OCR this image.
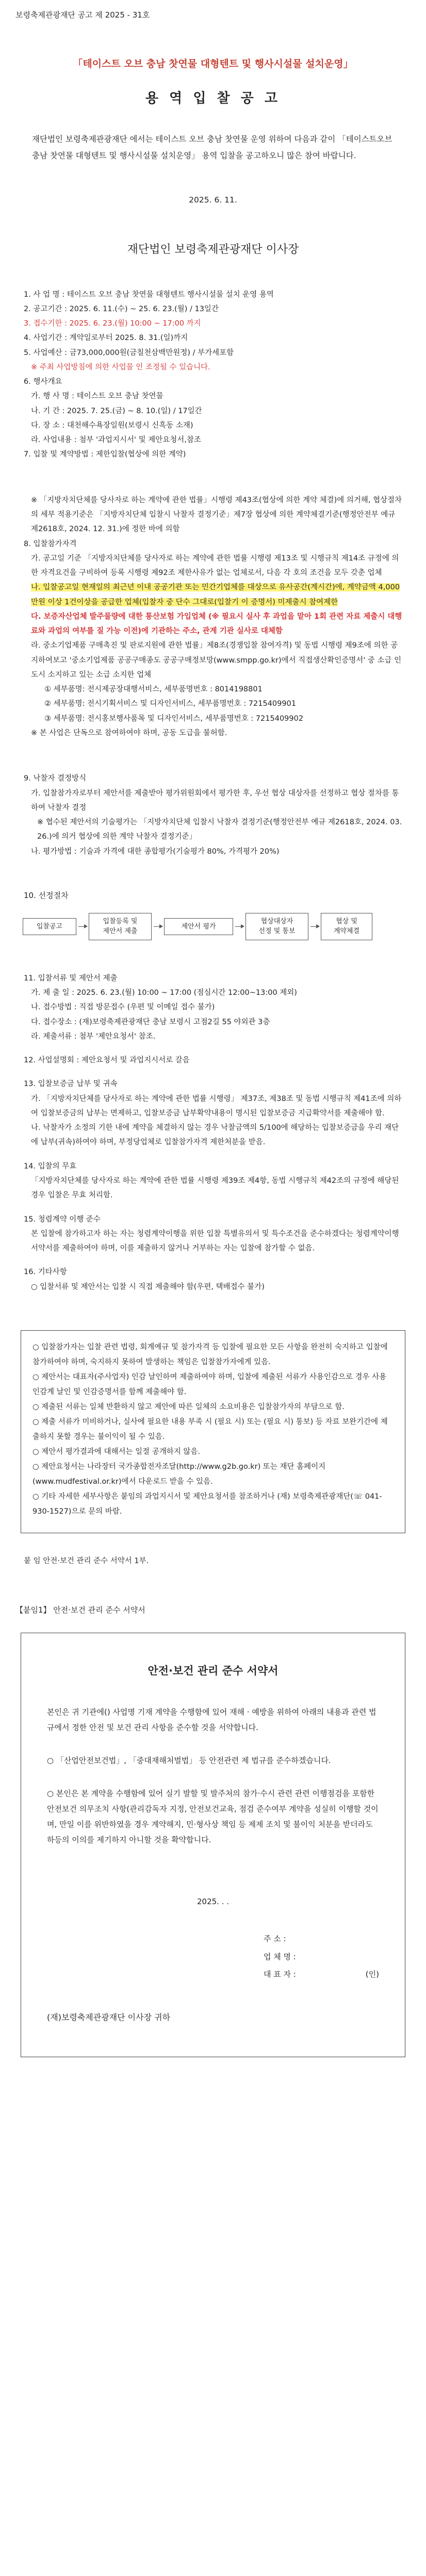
보령축제관광재단 공고 제 2025 - 31호
「테이스트 오브 충남 찻연물 대형텐트 및 행사시설물 설치운영」
용 역 입 찰 공 고
재단법인 보령축제관광재단 에서는 테이스트 오브 충남 찻연물 운영 위하여 다음과 같이 「테이스트오브 충남 찻연물 대형텐트 및 행사시설물 설치운영」 용역 입찰을 공고하오니 많은 참여 바랍니다.
2025. 6. 11.
재단법인 보령축제관광재단 이사장

1. 사 업 명 : 테이스트 오브 충남 찻연물 대형텐트 행사시설물 설치 운영 용역

2. 공고기간 : 2025. 6. 11.(수) ~ 25. 6. 23.(월) / 13일간

3. 접수기한 : 2025. 6. 23.(월) 10:00 ~ 17:00 까지

4. 사업기간 : 계약일로부터 2025. 8. 31.(일)까지

5. 사업예산 : 금73,000,000원(금칠천삼백만원정) / 부가세포함

※ 주최 사업방침에 의한 사업물 인 조정될 수 있습니다.

6. 행사개요

가. 행 사 명 : 테이스트 오브 충남 찻연물

나. 기 간 : 2025. 7. 25.(금) ~ 8. 10.(일) / 17일간

다. 장 소 : 대천해수욕장일원(보령시 신흑동 소재)

라. 사업내용 : 첨부 '과업지시서' 및 제안요청서,참조

7. 입찰 및 계약방법 : 제한입찰(협상에 의한 계약)

※ 「지방자치단체를 당사자로 하는 계약에 관한 법률」시행령 제43조(협상에 의한 계약 체결)에 의거해, 협상절차의 세부 적용기준은 「지방자치단체 입찰시 낙찰자 결정기준」제7장 협상에 의한 계약체결기준(행정안전부 예규 제2618호, 2024. 12. 31.)에 정한 바에 의함

8. 입찰참가자격

가. 공고일 기준 「지방자치단체를 당사자로 하는 계약에 관한 법률 시행령 제13조 및 시행규칙 제14조 규정에 의한 자격요건을 구비하여 등록 시행령 제92조 제한사유가 없는 업체로서, 다음 각 호의 조건을 모두 갖춘 업체

나. 입찰공고일 현재일의 최근년 이내 공공기관 또는 민간기업체를 대상으로 유사공간(계시간)에, 계약금액 4,000만원 이상 1건이상을 공급한 업체(입찰자 중 단수 그대로(입찰기 이 증명서) 미제출시 참여제한

다. 보증자산업체 발주물량에 대한 통산보험 가입업체 (※ 필요시 실사 후 과업을 맡아 1회 관련 자료 제출시 대행료와 과업의 여부를 질 가능 이전)에 기관하는 주소, 관계 기관 실사로 대체함

라. 중소기업제품 구매촉진 및 판로지원에 관한 법률」제8조(경쟁입찰 참여자격) 및 동법 시행령 제9조에 의한 공지하여보고 '중소기업제품 공공구매종도 공공구매정보망(www.smpp.go.kr)에서 직접생산확인증명서' 중 소급 인도시 소지하고 있는 소급 소지한 업체

① 세부품명: 전시제공장대행서비스, 세부품명번호 : 8014198801

② 세부품명: 전시기획서비스 및 디자인서비스, 세부품명번호 : 7215409901

③ 세부품명: 전시홍보행사품목 및 디자인서비스, 세부품명번호 : 7215409902

※ 본 사업은 단독으로 참여하여야 하며, 공동 도급을 불허함.

9. 낙찰자 결정방식

가. 입찰참가자로부터 제안서를 제출받아 평가위원회에서 평가한 후, 우선 협상 대상자를 선정하고 협상 절차를 통하여 낙찰자 결정

※ 협수된 제안서의 기술평가는 「지방자치단체 입찰시 낙찰자 결정기준(행정안전부 예규 제2618호, 2024. 03. 26.)에 의거 협상에 의한 계약 낙찰자 결정기준」

나. 평가방법 : 기술과 가격에 대한 종합평가(기술평가 80%, 가격평가 20%)

10. 선정절차
입찰공고
입찰등록 및
제안서 제출
제안서 평가
협상대상자
선정 및 통보
협상 및
계약체결

11. 입찰서류 및 제안서 제출

가. 제 출 일 : 2025. 6. 23.(월) 10:00 ~ 17:00 (점심시간 12:00~13:00 제외)

나. 접수방법 : 직접 방문접수 (우편 및 이메일 접수 불가)

다. 접수장소 : (재)보령축제관광재단 충남 보령시 고점2길 55 야외관 3층

라. 제출서류 : 첨부 '제안요청서' 참조.

12. 사업설명회 : 제안요청서 및 과업지시서로 갈음

13. 입찰보증금 납부 및 귀속

가. 「지방자치단체를 당사자로 하는 계약에 관한 법률 시행령」 제37조, 제38조 및 동법 시행규칙 제41조에 의하여 입찰보증금의 납부는 면제하고, 입찰보증금 납부확약내용이 명시된 입찰보증금 지급확약서를 제출해야 함.

나. 낙찰자가 소정의 기한 내에 계약을 체결하지 않는 경우 낙찰금액의 5/100에 해당하는 입찰보증금을 우리 재단에 납부(귀속)하여야 하며, 부정당업체로 입찰참가자격 제한처분을 받음.

14. 입찰의 무효

「지방자치단체를 당사자로 하는 계약에 관한 법률 시행령 제39조 제4항, 동법 시행규칙 제42조의 규정에 해당된 경우 입찰은 무효 처리함.

15. 청렴계약 이행 준수

본 입찰에 참가하고자 하는 자는 청렴계약이행을 위한 입찰 특별유의서 및 특수조건을 준수하겠다는 청렴계약이행서약서를 제출하여야 하며, 이를 제출하지 않거나 거부하는 자는 입찰에 참가할 수 없음.

16. 기타사항

○ 입찰서류 및 제안서는 입찰 시 직접 제출해야 함(우편, 택배접수 불가)

○ 입찰참가자는 입찰 관련 법령, 회계예규 및 참가자격 등 입찰에 필요한 모든 사항을 완전히 숙지하고 입찰에 참가하여야 하며, 숙지하지 못하여 발생하는 책임은 입찰참가자에게 있음.

○ 제안서는 대표자(주사업자) 인감 날인하여 제출하여야 하며, 입찰에 제출된 서류가 사용인감으로 경우 사용인감계 날인 및 인감증명서를 함께 제출해야 함.

○ 제출된 서류는 일체 반환하지 않고 제안에 따른 일체의 소요비용은 입찰참가자의 부담으로 함.

○ 제출 서류가 미비하거나, 실사에 필요한 내용 부족 시 (필요 시) 또는 (필요 시) 통보) 등 자료 보완기간에 제출하지 못할 경우는 불이익이 될 수 있음.

○ 제안서 평가결과에 대해서는 일절 공개하지 않음.

○ 제안요청서는 나라장터 국가종합전자조달(http://www.g2b.go.kr) 또는 재단 홈페이지(www.mudfestival.or.kr)에서 다운로드 받을 수 있음.

○ 기타 자세한 세부사항은 붙임의 과업지시서 및 제안요청서를 참조하거나 (재) 보령축제관광재단(☏ 041-930-1527)으로 문의 바람.

붙 임 안전·보건 관리 준수 서약서 1부.
【붙임1】 안전·보건 관리 준수 서약서
안전·보건 관리 준수 서약서

본인은 귀 기관에(‌) 사업명 기재 계약을 수행함에 있어 재해 · 예방을 위하여 아래의 내용과 관련 법규에서 정한 안전 및 보건 관리 사항을 준수할 것을 서약합니다.

○ 「산업안전보건법」, 「중대재해처벌법」 등 안전관련 제 법규를 준수하겠습니다.

○ 본인은 본 계약을 수행함에 있어 실기 발할 및 발주처의 참가·수시 관련 관련 이행점검을 포함한 안전보건 의무조치 사항(관리감독자 지정, 안전보건교육, 점검 준수여부 계약을 성실히 이행할 것이며, 만일 이를 위반하였을 경우 계약해지, 민·형사상 책임 등 제제 조치 및 불이익 처분을 받더라도 하등의 이의를 제기하지 아니할 것을 확약합니다.

2025. . .
주 소 :
업 체 명 :
대 표 자 :	(인)
(재)보령축제관광재단 이사장 귀하
